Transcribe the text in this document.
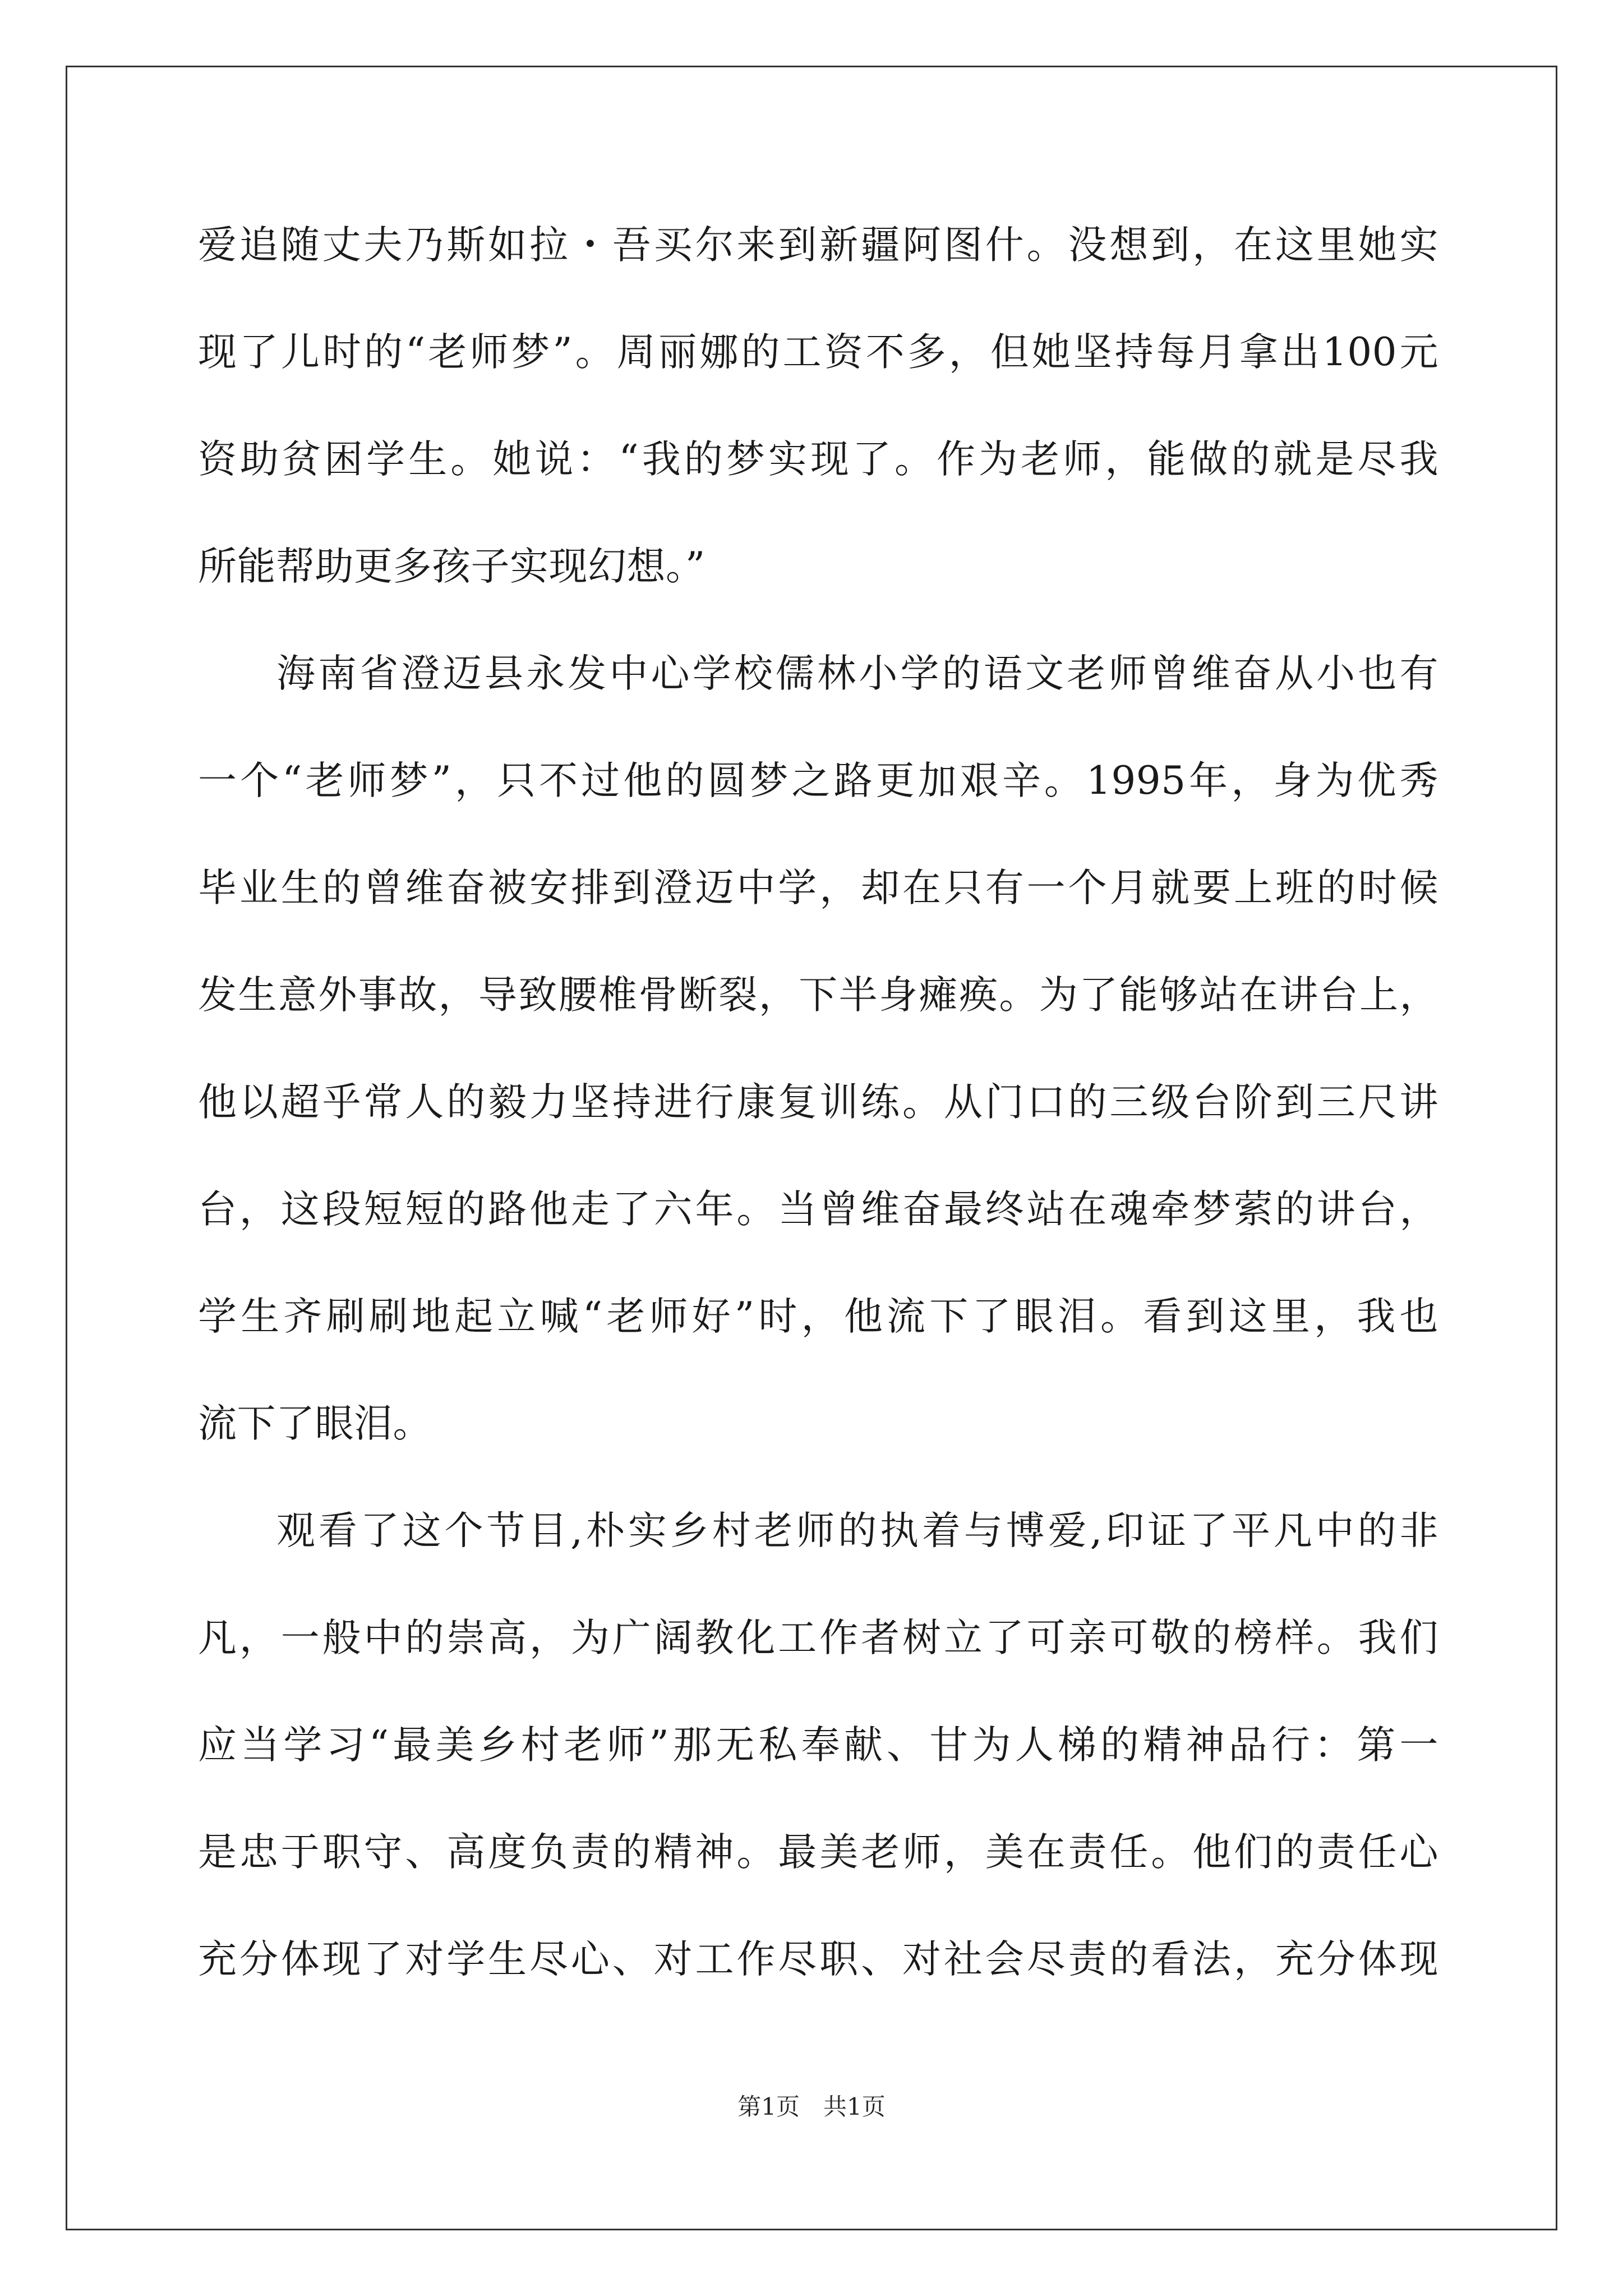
爱追随丈夫乃斯如拉・吾买尔来到新疆阿图什。没想到，在这里她实
现了儿时的“老师梦”。周丽娜的工资不多，但她坚持每月拿出100元
资助贫困学生。她说：“我的梦实现了。作为老师，能做的就是尽我
所能帮助更多孩子实现幻想。”
海南省澄迈县永发中心学校儒林小学的语文老师曾维奋从小也有
一个“老师梦”，只不过他的圆梦之路更加艰辛。1995年，身为优秀
毕业生的曾维奋被安排到澄迈中学，却在只有一个月就要上班的时候
发生意外事故，导致腰椎骨断裂，下半身瘫痪。为了能够站在讲台上，
他以超乎常人的毅力坚持进行康复训练。从门口的三级台阶到三尺讲
台，这段短短的路他走了六年。当曾维奋最终站在魂牵梦萦的讲台，
学生齐刷刷地起立喊“老师好”时，他流下了眼泪。看到这里，我也
流下了眼泪。
观看了这个节目,朴实乡村老师的执着与博爱,印证了平凡中的非
凡，一般中的崇高，为广阔教化工作者树立了可亲可敬的榜样。我们
应当学习“最美乡村老师”那无私奉献、甘为人梯的精神品行：第一
是忠于职守、高度负责的精神。最美老师，美在责任。他们的责任心
充分体现了对学生尽心、对工作尽职、对社会尽责的看法，充分体现
第1页　共1页
